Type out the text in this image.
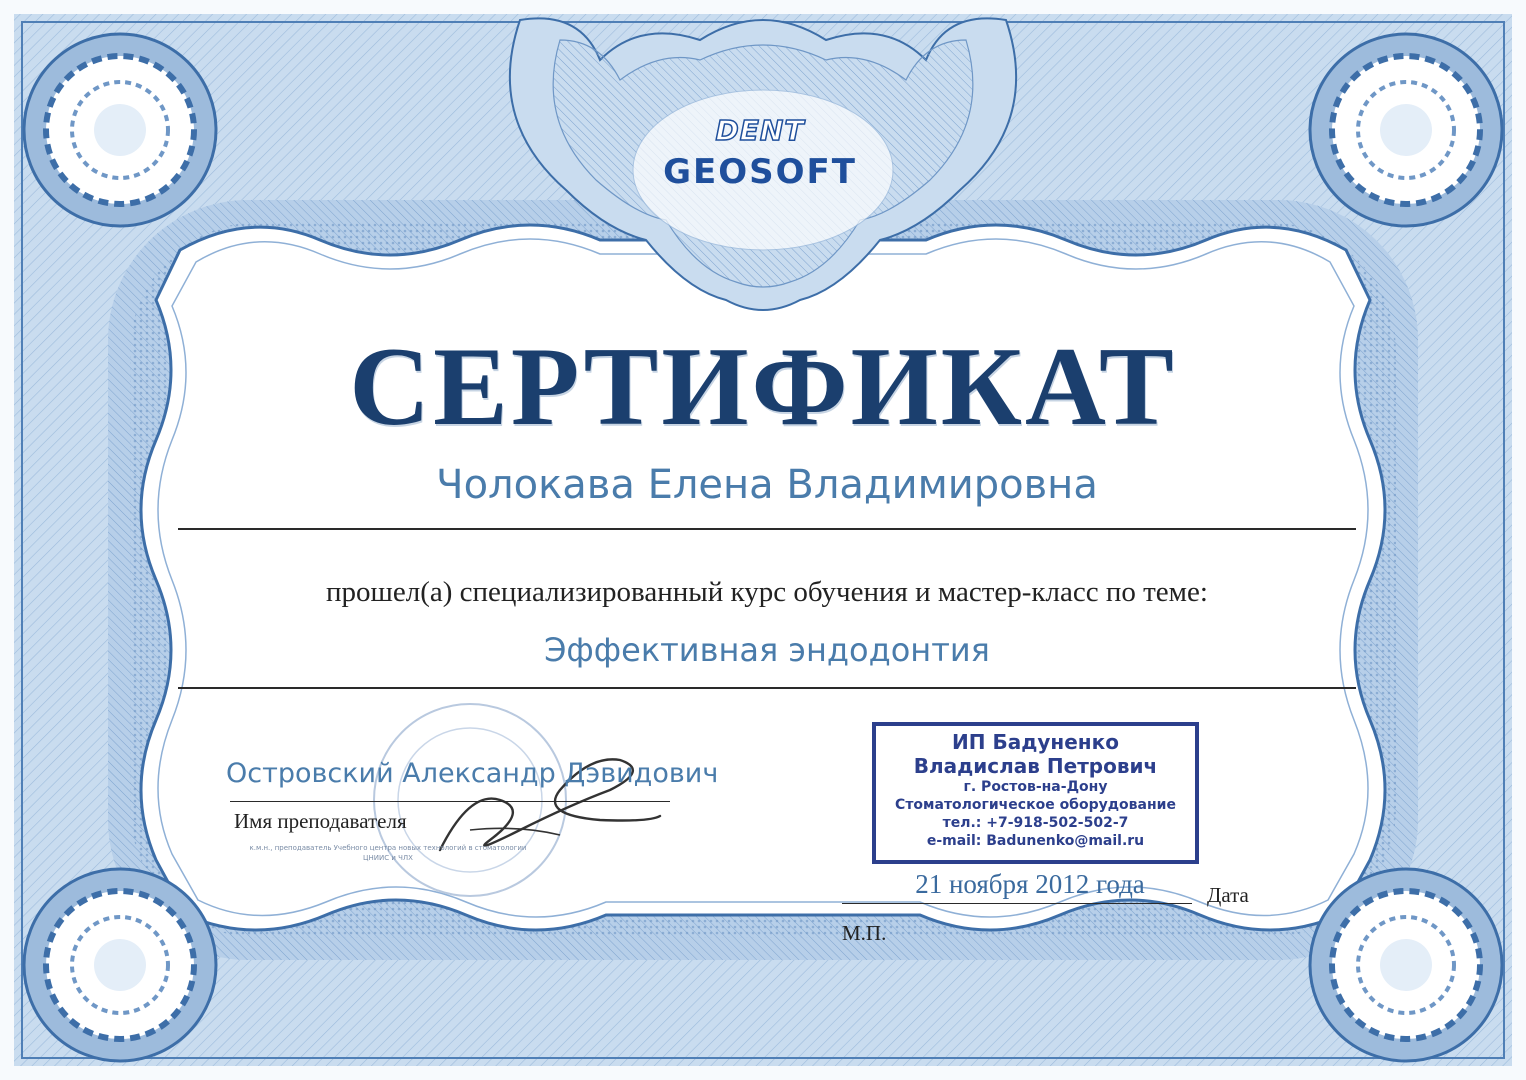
DENT
GEOSOFT
СЕРТИФИКАТ
Чолокава Елена Владимировна
прошел(а) специализированный курс обучения и мастер-класс по теме:
Эффективная эндодонтия
Островский Александр Дэвидович
Имя преподавателя
к.м.н., преподаватель Учебного центра новых технологий в стоматологии ЦНИИС и ЧЛХ
ИП Бадуненко
Владислав Петрович
г. Ростов-на-Дону
Стоматологическое оборудование
тел.: +7-918-502-502-7
e-mail: Badunenko@mail.ru
21 ноября 2012 года	Дата
М.П.
